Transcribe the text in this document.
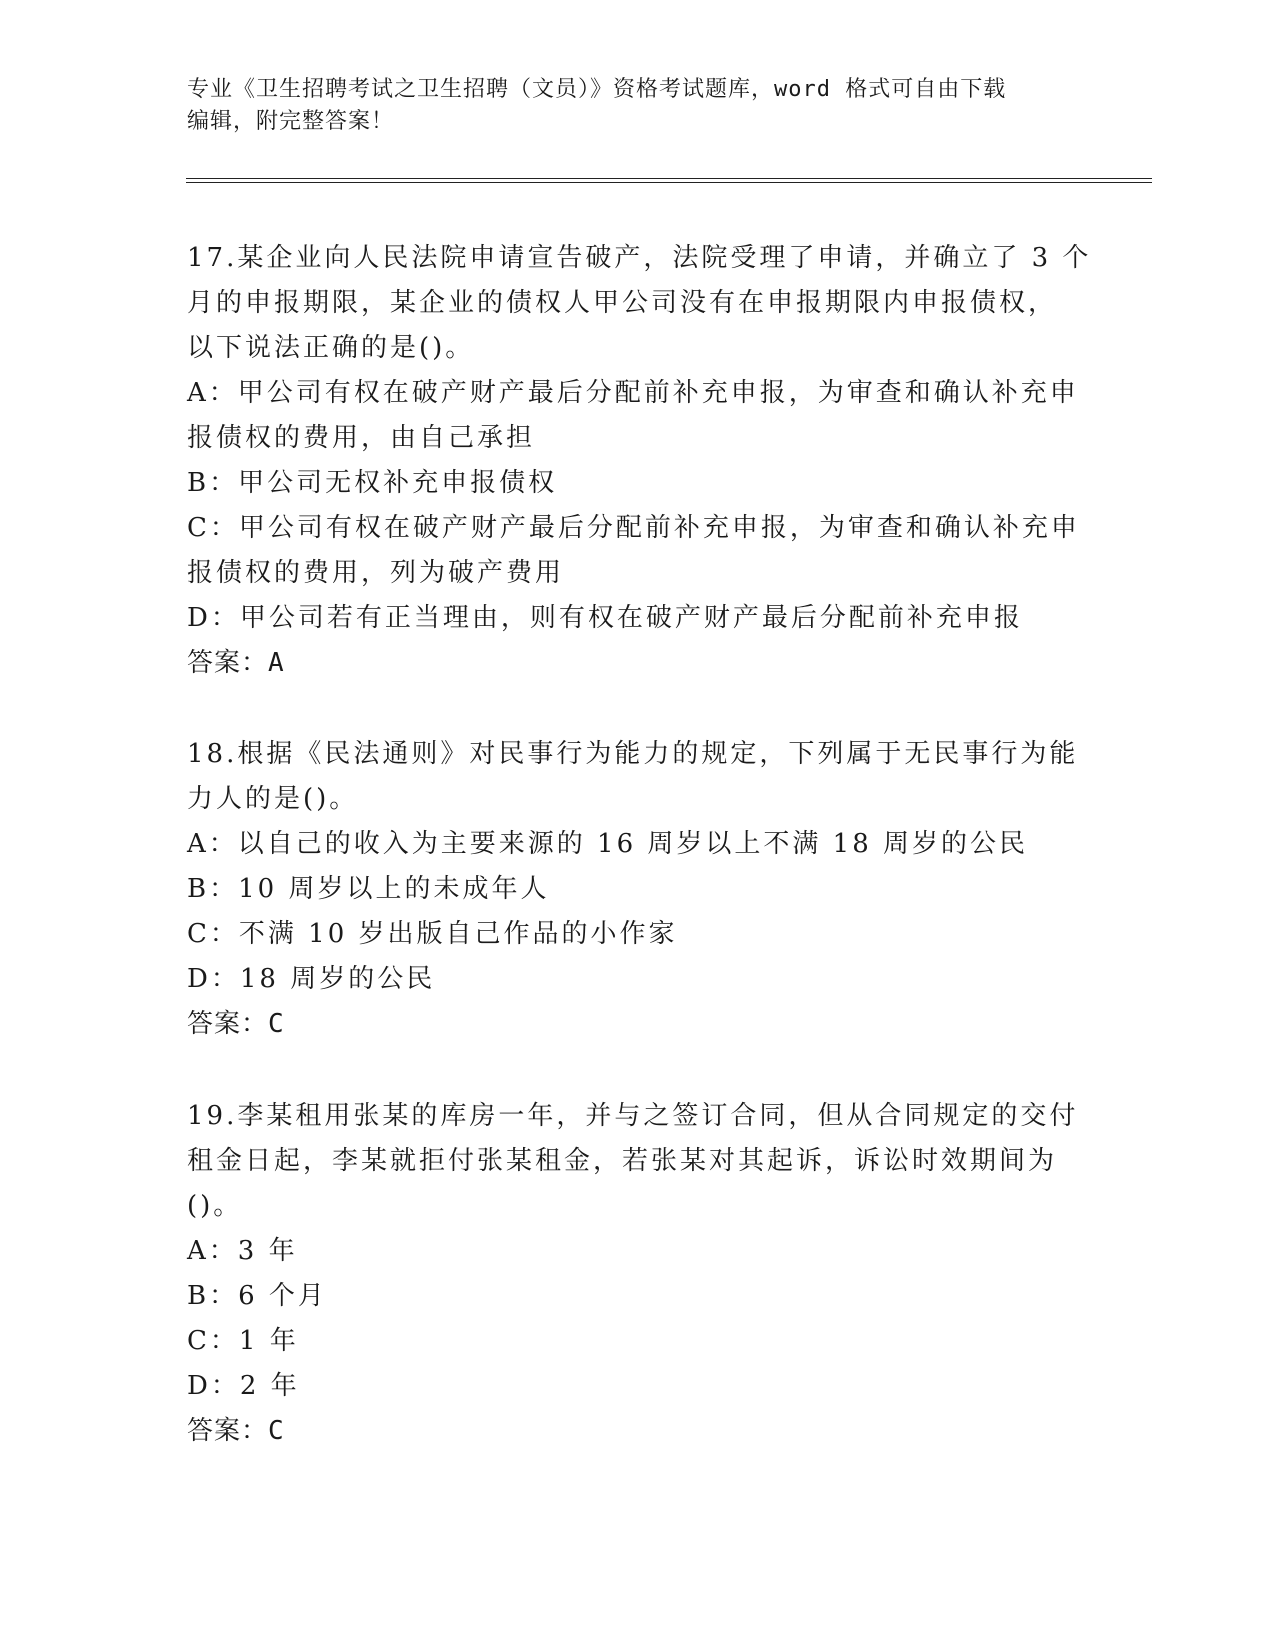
专业《卫生招聘考试之卫生招聘（文员）》资格考试题库，word 格式可自由下载
编辑，附完整答案！
17.某企业向人民法院申请宣告破产，法院受理了申请，并确立了 3 个
月的申报期限，某企业的债权人甲公司没有在申报期限内申报债权，
以下说法正确的是()。
A：甲公司有权在破产财产最后分配前补充申报，为审查和确认补充申
报债权的费用，由自己承担
B：甲公司无权补充申报债权
C：甲公司有权在破产财产最后分配前补充申报，为审查和确认补充申
报债权的费用，列为破产费用
D：甲公司若有正当理由，则有权在破产财产最后分配前补充申报
答案：A
18.根据《民法通则》对民事行为能力的规定，下列属于无民事行为能
力人的是()。
A：以自己的收入为主要来源的 16 周岁以上不满 18 周岁的公民
B：10 周岁以上的未成年人
C：不满 10 岁出版自己作品的小作家
D：18 周岁的公民
答案：C
19.李某租用张某的库房一年，并与之签订合同，但从合同规定的交付
租金日起，李某就拒付张某租金，若张某对其起诉，诉讼时效期间为
()。
A：3 年
B：6 个月
C：1 年
D：2 年
答案：C
